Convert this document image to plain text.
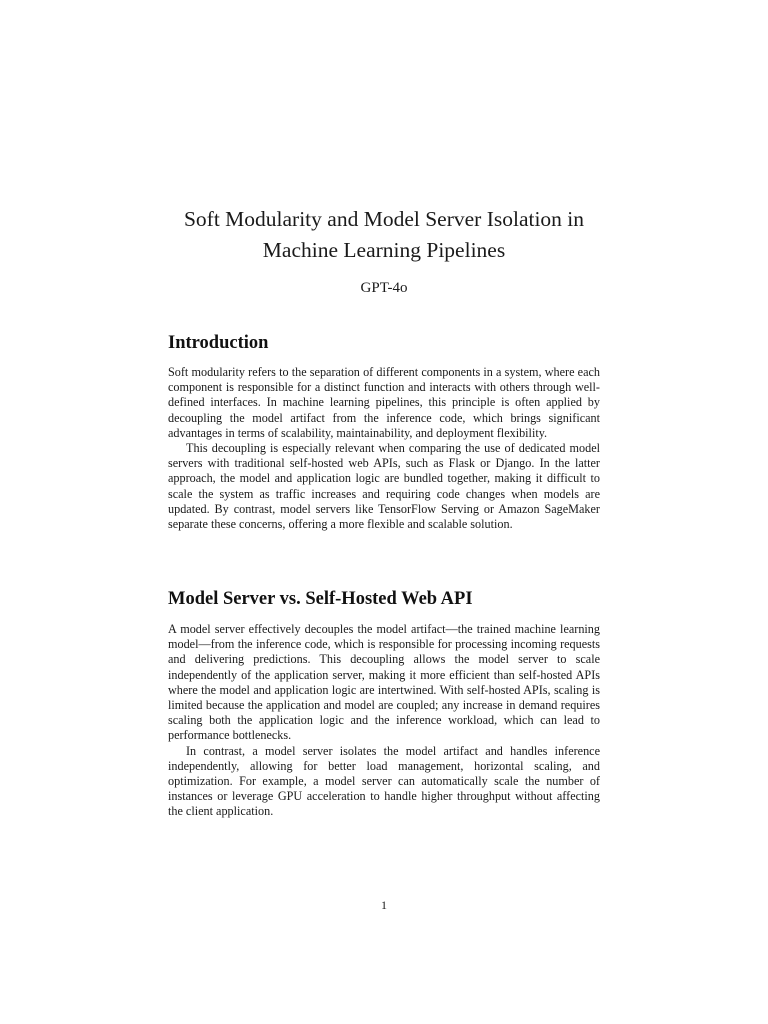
Soft Modularity and Model Server Isolation in
Machine Learning Pipelines
GPT-4o
Introduction

Soft modularity refers to the separation of different components in a system, where each component is responsible for a distinct function and interacts with others through well-defined interfaces. In machine learning pipelines, this principle is often applied by decoupling the model artifact from the inference code, which brings significant advantages in terms of scalability, maintainability, and deployment flexibility.

This decoupling is especially relevant when comparing the use of dedicated model servers with traditional self-hosted web APIs, such as Flask or Django. In the latter approach, the model and application logic are bundled together, making it difficult to scale the system as traffic increases and requiring code changes when models are updated. By contrast, model servers like TensorFlow Serving or Amazon SageMaker separate these concerns, offering a more flexible and scalable solution.

Model Server vs. Self-Hosted Web API

A model server effectively decouples the model artifact—the trained machine learning model—from the inference code, which is responsible for processing incoming requests and delivering predictions. This decoupling allows the model server to scale independently of the application server, making it more efficient than self-hosted APIs where the model and application logic are intertwined. With self-hosted APIs, scaling is limited because the application and model are coupled; any increase in demand requires scaling both the application logic and the inference workload, which can lead to performance bottlenecks.

In contrast, a model server isolates the model artifact and handles inference independently, allowing for better load management, horizontal scaling, and optimization. For example, a model server can automatically scale the number of instances or leverage GPU acceleration to handle higher throughput without affecting the client application.

1
